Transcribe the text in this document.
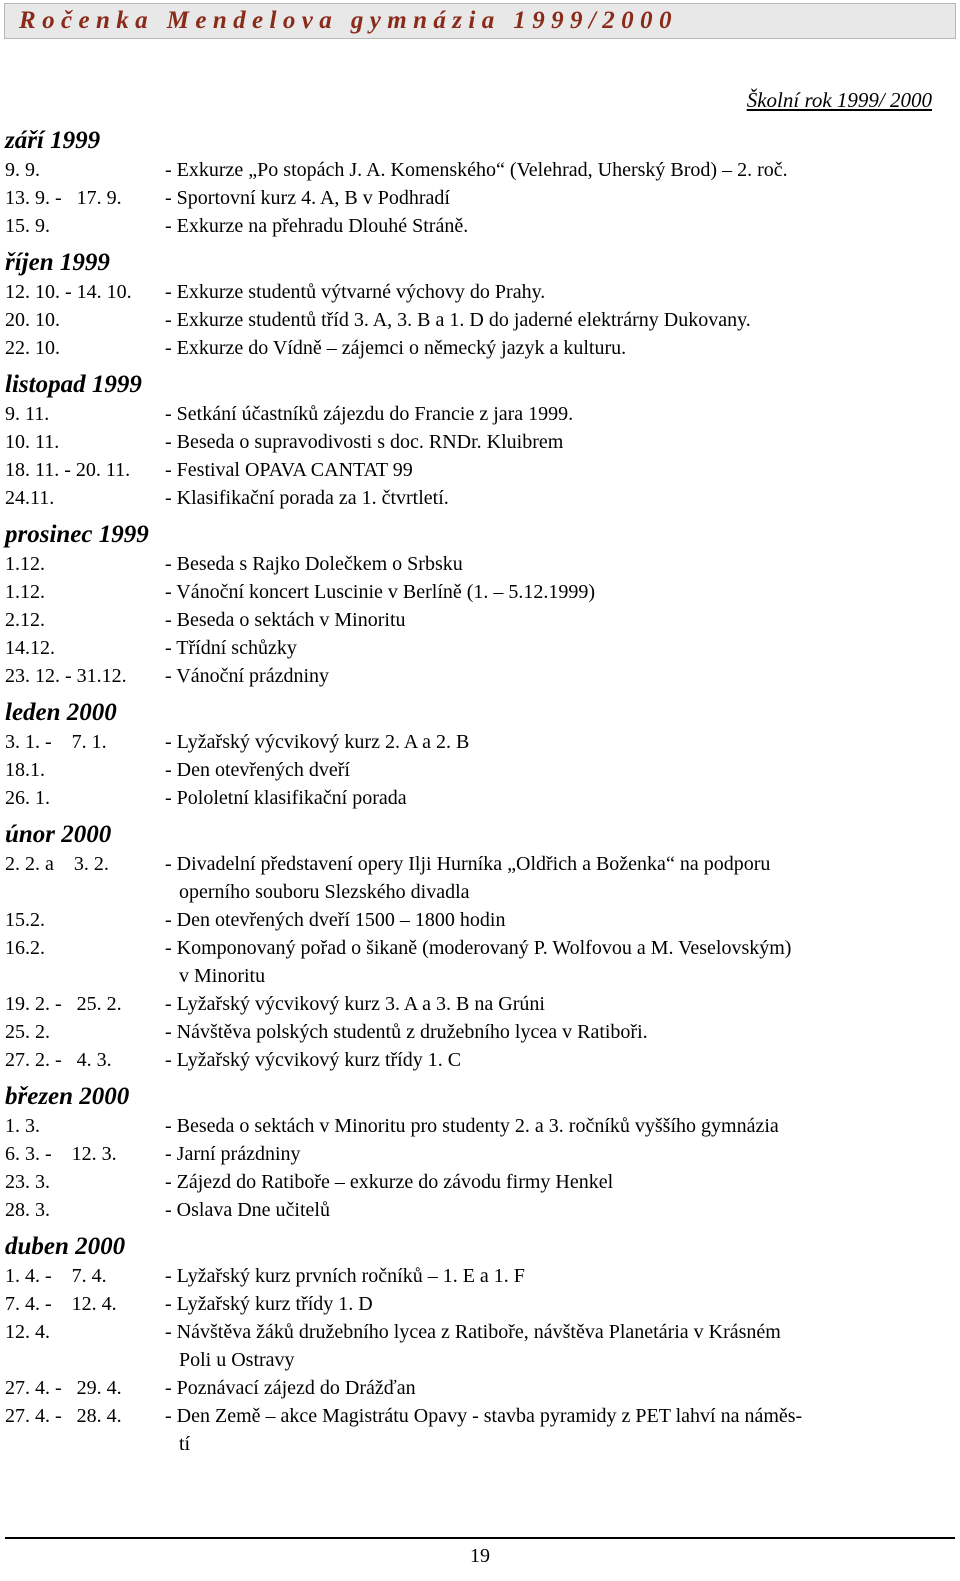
Ročenka Mendelova gymnázia 1999/2000
Školní rok 1999/ 2000
září 1999
9. 9.	- Exkurze „Po stopách J. A. Komenského“ (Velehrad, Uherský Brod) – 2. roč.
13. 9. -   17. 9.	- Sportovní kurz 4. A, B v Podhradí
15. 9.	- Exkurze na přehradu Dlouhé Stráně.
říjen 1999
12. 10. - 14. 10.	- Exkurze studentů výtvarné výchovy do Prahy.
20. 10.	- Exkurze studentů tříd 3. A, 3. B a 1. D do jaderné elektrárny Dukovany.
22. 10.	- Exkurze do Vídně – zájemci o německý jazyk a kulturu.
listopad 1999
9. 11.	- Setkání účastníků zájezdu do Francie z jara 1999.
10. 11.	- Beseda o supravodivosti s doc. RNDr. Kluibrem
18. 11. - 20. 11.	- Festival OPAVA CANTAT 99
24.11.	- Klasifikační porada za 1. čtvrtletí.
prosinec 1999
1.12.	- Beseda s Rajko Dolečkem o Srbsku
1.12.	- Vánoční koncert Luscinie v Berlíně (1. – 5.12.1999)
2.12.	- Beseda o sektách v Minoritu
14.12.	- Třídní schůzky
23. 12. - 31.12.	- Vánoční prázdniny
leden 2000
3. 1. -    7. 1.	- Lyžařský výcvikový kurz 2. A a 2. B
18.1.	- Den otevřených dveří
26. 1.	- Pololetní klasifikační porada
únor 2000
2. 2. a    3. 2.	- Divadelní představení opery Ilji Hurníka „Oldřich a Boženka“ na podporu
operního souboru Slezského divadla
15.2.	- Den otevřených dveří 1500 – 1800 hodin
16.2.	- Komponovaný pořad o šikaně (moderovaný P. Wolfovou a M. Veselovským)
v Minoritu
19. 2. -   25. 2.	- Lyžařský výcvikový kurz 3. A a 3. B na Grúni
25. 2.	- Návštěva polských studentů z družebního lycea v Ratiboři.
27. 2. -   4. 3.	- Lyžařský výcvikový kurz třídy 1. C
březen 2000
1. 3.	- Beseda o sektách v Minoritu pro studenty 2. a 3. ročníků vyššího gymnázia
6. 3. -    12. 3.	- Jarní prázdniny
23. 3.	- Zájezd do Ratiboře – exkurze do závodu firmy Henkel
28. 3.	- Oslava Dne učitelů
duben 2000
1. 4. -    7. 4.	- Lyžařský kurz prvních ročníků – 1. E a 1. F
7. 4. -    12. 4.	- Lyžařský kurz třídy 1. D
12. 4.	- Návštěva žáků družebního lycea z Ratiboře, návštěva Planetária v Krásném
Poli u Ostravy
27. 4. -   29. 4.	- Poznávací zájezd do Drážďan
27. 4. -   28. 4.	- Den Země – akce Magistrátu Opavy - stavba pyramidy z PET lahví na náměs-
tí
19
